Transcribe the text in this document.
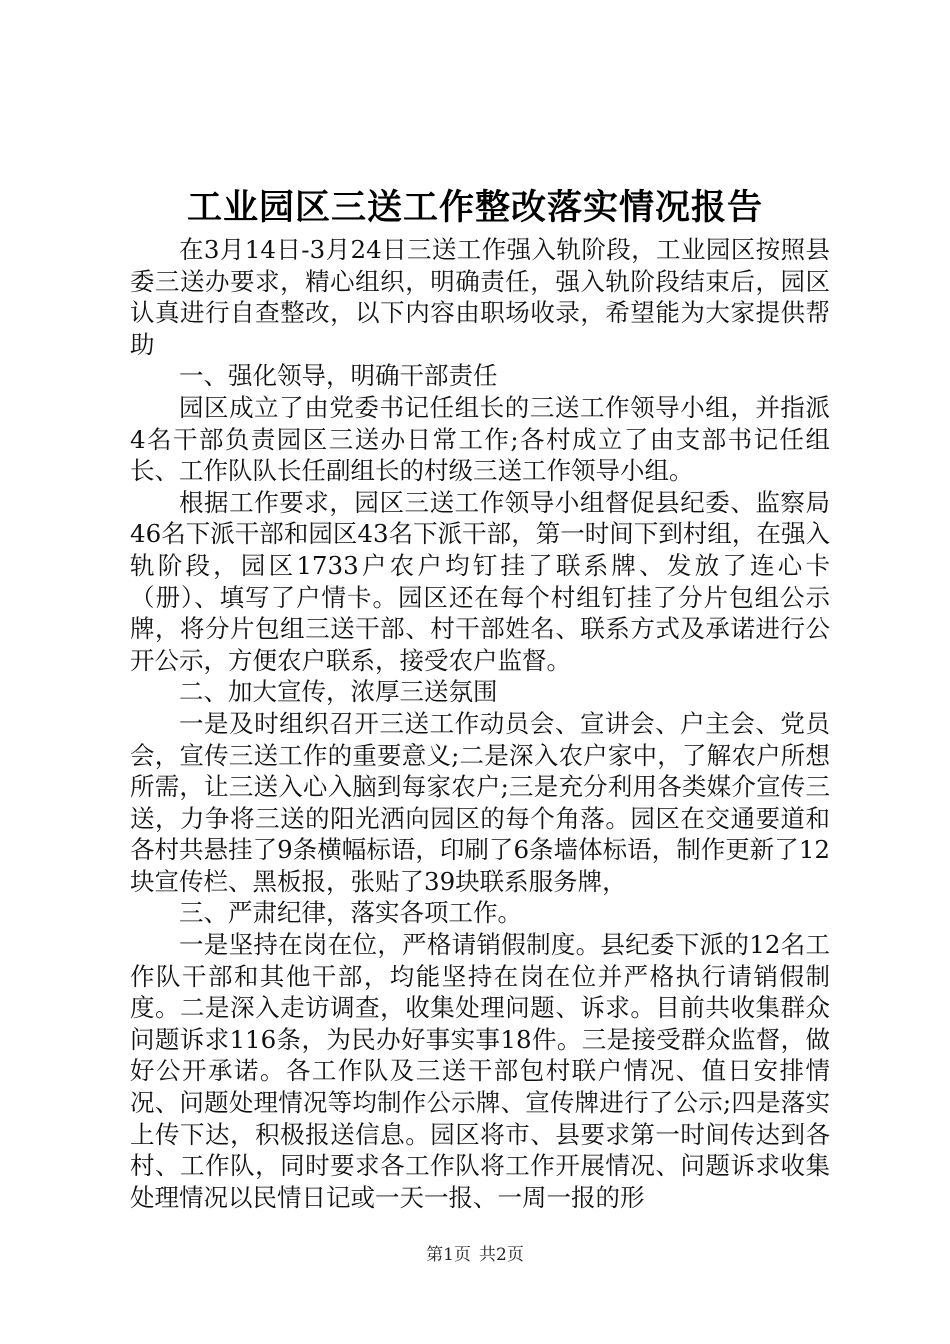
工业园区三送工作整改落实情况报告

在3月14日-3月24日三送工作强入轨阶段，工业园区按照县委三送办要求，精心组织，明确责任，强入轨阶段结束后，园区认真进行自查整改，以下内容由职场收录，希望能为大家提供帮助

一、强化领导，明确干部责任

园区成立了由党委书记任组长的三送工作领导小组，并指派4名干部负责园区三送办日常工作;各村成立了由支部书记任组长、工作队队长任副组长的村级三送工作领导小组。

根据工作要求，园区三送工作领导小组督促县纪委、监察局46名下派干部和园区43名下派干部，第一时间下到村组，在强入轨阶段，园区1733户农户均钉挂了联系牌、发放了连心卡（册）、填写了户情卡。园区还在每个村组钉挂了分片包组公示牌，将分片包组三送干部、村干部姓名、联系方式及承诺进行公开公示，方便农户联系，接受农户监督。

二、加大宣传，浓厚三送氛围

一是及时组织召开三送工作动员会、宣讲会、户主会、党员会，宣传三送工作的重要意义;二是深入农户家中，了解农户所想所需，让三送入心入脑到每家农户;三是充分利用各类媒介宣传三送，力争将三送的阳光洒向园区的每个角落。园区在交通要道和各村共悬挂了9条横幅标语，印刷了6条墙体标语，制作更新了12块宣传栏、黑板报，张贴了39块联系服务牌，

三、严肃纪律，落实各项工作。

一是坚持在岗在位，严格请销假制度。县纪委下派的12名工作队干部和其他干部，均能坚持在岗在位并严格执行请销假制度。二是深入走访调查，收集处理问题、诉求。目前共收集群众问题诉求116条，为民办好事实事18件。三是接受群众监督，做好公开承诺。各工作队及三送干部包村联户情况、值日安排情况、问题处理情况等均制作公示牌、宣传牌进行了公示;四是落实上传下达，积极报送信息。园区将市、县要求第一时间传达到各村、工作队，同时要求各工作队将工作开展情况、问题诉求收集处理情况以民情日记或一天一报、一周一报的形

第1页 共2页
